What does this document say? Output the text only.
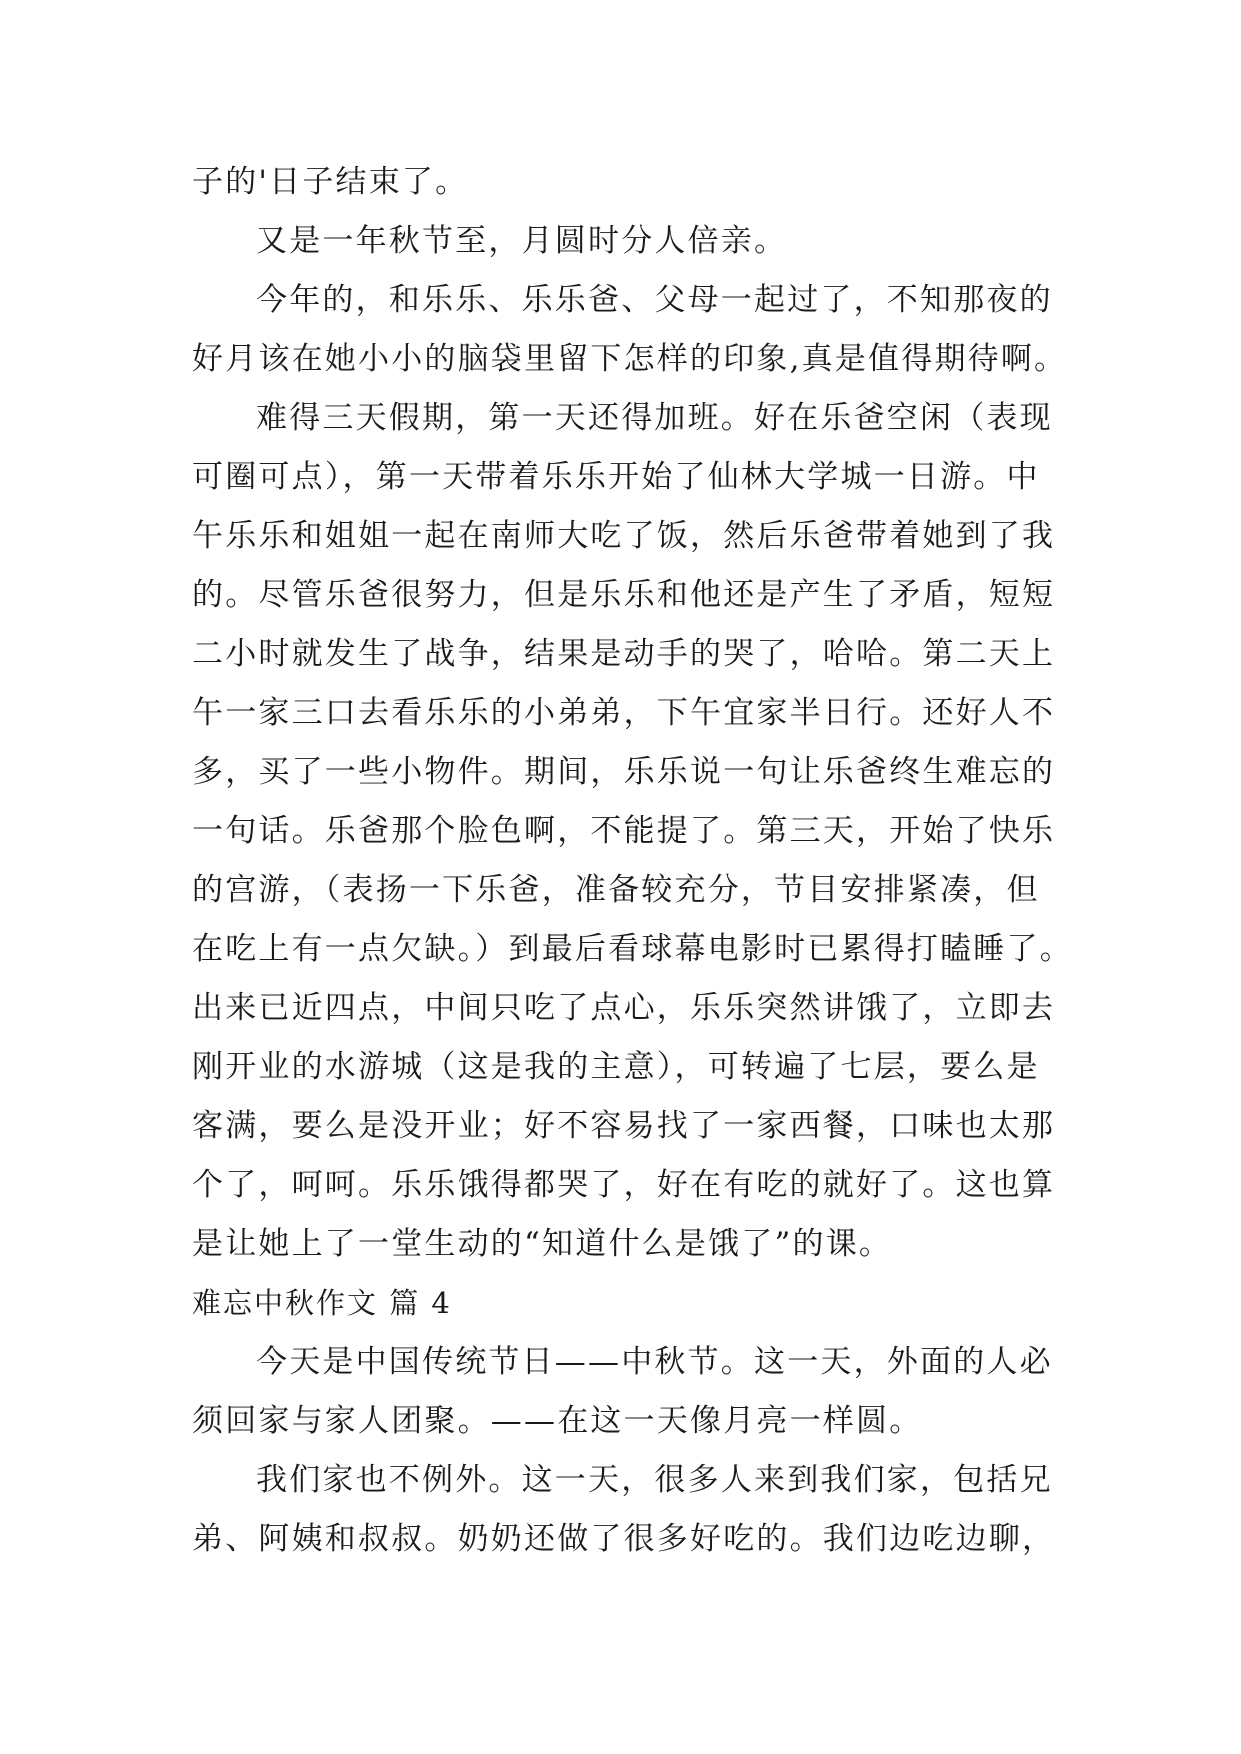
子的'日子结束了。
又是一年秋节至，月圆时分人倍亲。
今年的，和乐乐、乐乐爸、父母一起过了，不知那夜的
好月该在她小小的脑袋里留下怎样的印象,真是值得期待啊。
难得三天假期，第一天还得加班。好在乐爸空闲（表现
可圈可点），第一天带着乐乐开始了仙林大学城一日游。中
午乐乐和姐姐一起在南师大吃了饭，然后乐爸带着她到了我
的。尽管乐爸很努力，但是乐乐和他还是产生了矛盾，短短
二小时就发生了战争，结果是动手的哭了，哈哈。第二天上
午一家三口去看乐乐的小弟弟，下午宜家半日行。还好人不
多，买了一些小物件。期间，乐乐说一句让乐爸终生难忘的
一句话。乐爸那个脸色啊，不能提了。第三天，开始了快乐
的宫游，（表扬一下乐爸，准备较充分，节目安排紧凑，但
在吃上有一点欠缺。）到最后看球幕电影时已累得打瞌睡了。
出来已近四点，中间只吃了点心，乐乐突然讲饿了，立即去
刚开业的水游城（这是我的主意），可转遍了七层，要么是
客满，要么是没开业；好不容易找了一家西餐，口味也太那
个了，呵呵。乐乐饿得都哭了，好在有吃的就好了。这也算
是让她上了一堂生动的“知道什么是饿了”的课。
难忘中秋作文 篇 4
今天是中国传统节日——中秋节。这一天，外面的人必
须回家与家人团聚。——在这一天像月亮一样圆。
我们家也不例外。这一天，很多人来到我们家，包括兄
弟、阿姨和叔叔。奶奶还做了很多好吃的。我们边吃边聊，
